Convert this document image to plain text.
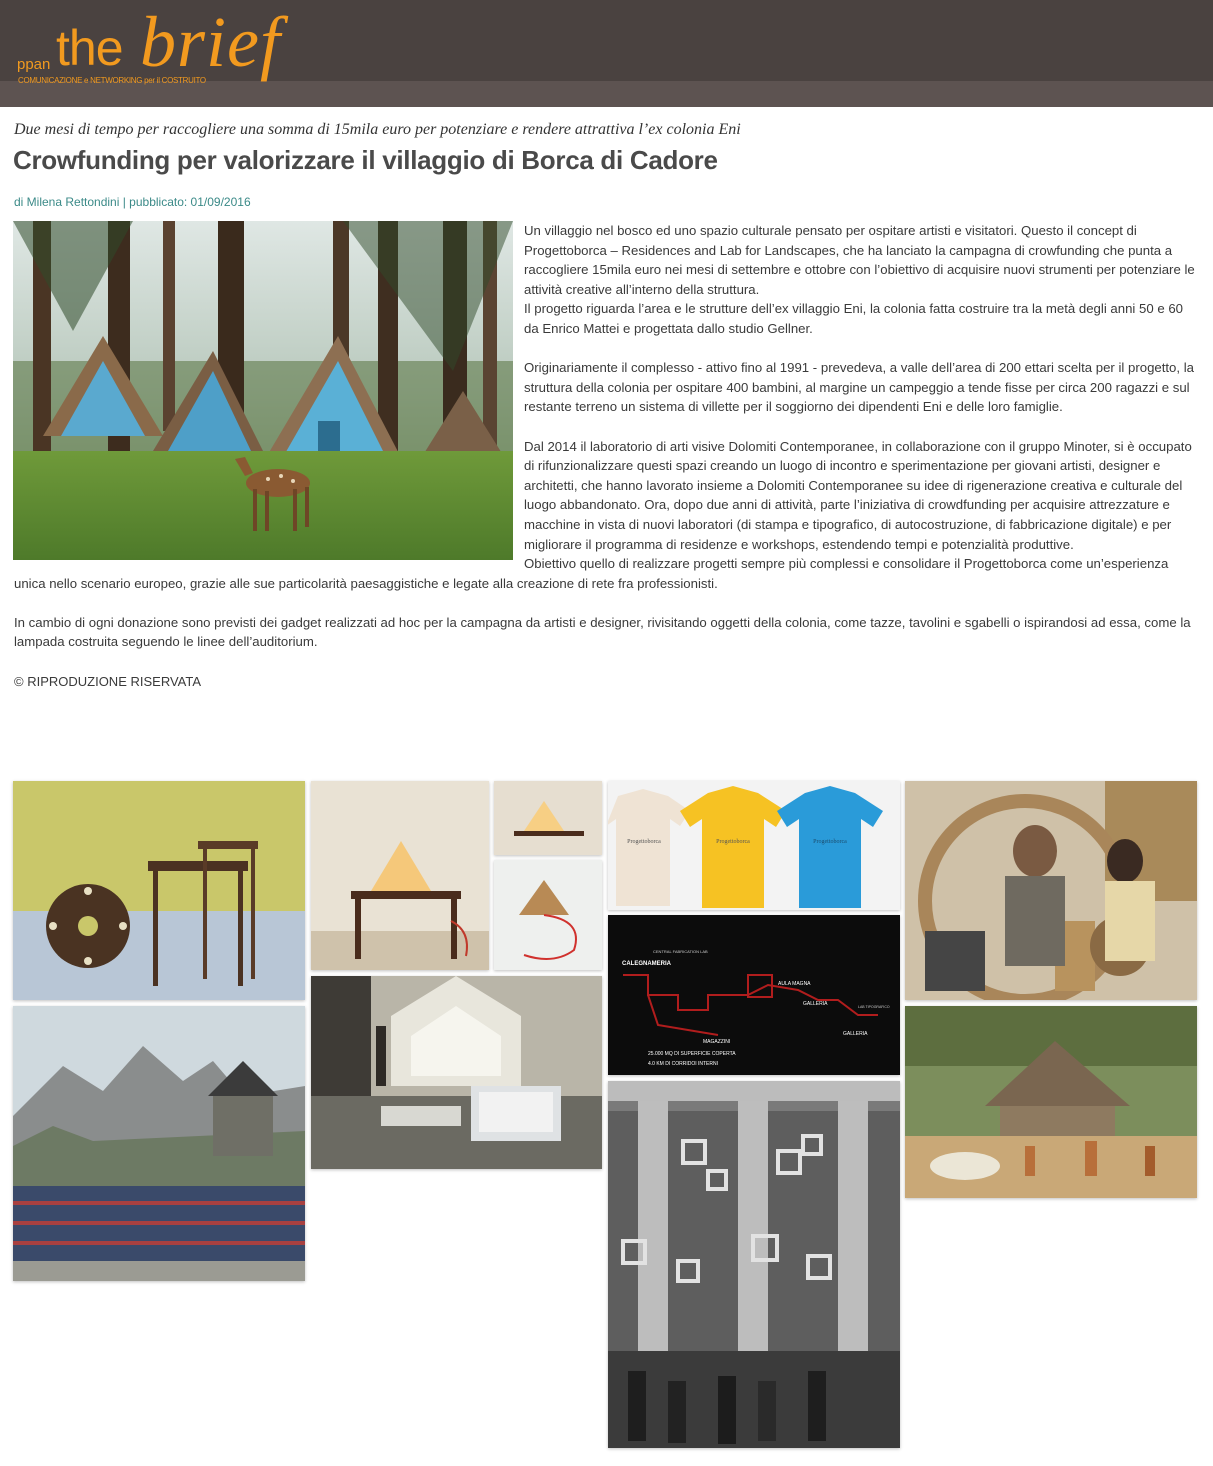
ppan the brief
COMUNICAZIONE e NETWORKING per il COSTRUITO
Due mesi di tempo per raccogliere una somma di 15mila euro per potenziare e rendere attrattiva l’ex colonia Eni
Crowfunding per valorizzare il villaggio di Borca di Cadore
di Milena Rettondini | pubblicato: 01/09/2016
Un villaggio nel bosco ed uno spazio culturale pensato per ospitare artisti e visitatori. Questo il concept di Progettoborca – Residences and Lab for Landscapes, che ha lanciato la campagna di crowfunding che punta a raccogliere 15mila euro nei mesi di settembre e ottobre con l’obiettivo di acquisire nuovi strumenti per potenziare le attività creative all’interno della struttura.

Il progetto riguarda l’area e le strutture dell’ex villaggio Eni, la colonia fatta costruire tra la metà degli anni 50 e 60 da Enrico Mattei e progettata dallo studio Gellner.

Originariamente il complesso - attivo fino al 1991 - prevedeva, a valle dell’area di 200 ettari scelta per il progetto, la struttura della colonia per ospitare 400 bambini, al margine un campeggio a tende fisse per circa 200 ragazzi e sul restante terreno un sistema di villette per il soggiorno dei dipendenti Eni e delle loro famiglie.

Dal 2014 il laboratorio di arti visive Dolomiti Contemporanee, in collaborazione con il gruppo Minoter, si è occupato di rifunzionalizzare questi spazi creando un luogo di incontro e sperimentazione per giovani artisti, designer e architetti, che hanno lavorato insieme a Dolomiti Contemporanee su idee di rigenerazione creativa e culturale del luogo abbandonato. Ora, dopo due anni di attività, parte l’iniziativa di crowdfunding per acquisire attrezzature e macchine in vista di nuovi laboratori (di stampa e tipografico, di autocostruzione, di fabbricazione digitale) e per migliorare il programma di residenze e workshops, estendendo tempi e potenzialità produttive.

Obiettivo quello di realizzare progetti sempre più complessi e consolidare il Progettoborca come un’esperienza unica nello scenario europeo, grazie alle sue particolarità paesaggistiche e legate alla creazione di rete fra professionisti.

In cambio di ogni donazione sono previsti dei gadget realizzati ad hoc per la campagna da artisti e designer, rivisitando oggetti della colonia, come tazze, tavolini e sgabelli o ispirandosi ad essa, come la lampada costruita seguendo le linee dell’auditorium.

© RIPRODUZIONE RISERVATA

Progettoborca	Progettoborca	Progettoborca
CALEGNAMERIA
CENTRAL FABRICATION LAB
AULA MAGNA
GALLERIA	LAB TIPOGRAFICO
GALLERIA
MAGAZZINI
25.000 MQ DI SUPERFICIE COPERTA
4.0 KM DI CORRIDOI INTERNI
